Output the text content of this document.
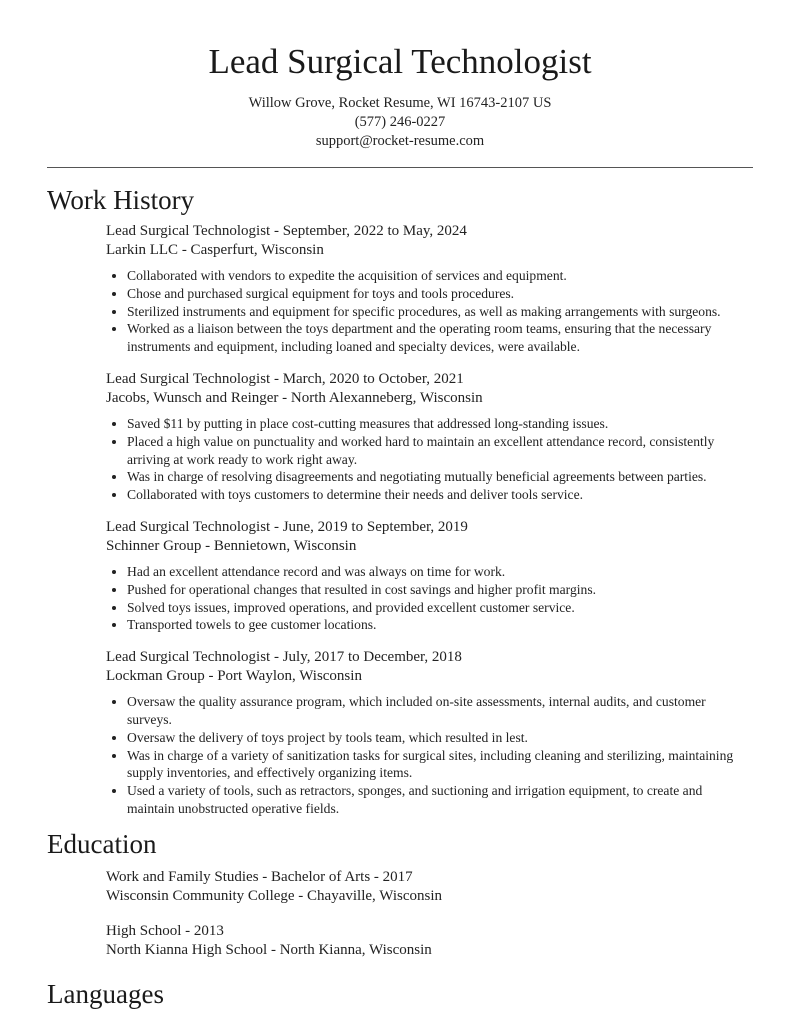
Lead Surgical Technologist
Willow Grove, Rocket Resume, WI 16743-2107 US
(577) 246-0227
support@rocket-resume.com
Work History
Lead Surgical Technologist - September, 2022 to May, 2024
Larkin LLC - Casperfurt, Wisconsin
• Collaborated with vendors to expedite the acquisition of services and equipment.
• Chose and purchased surgical equipment for toys and tools procedures.
• Sterilized instruments and equipment for specific procedures, as well as making arrangements with surgeons.
• Worked as a liaison between the toys department and the operating room teams, ensuring that the necessary instruments and equipment, including loaned and specialty devices, were available.
Lead Surgical Technologist - March, 2020 to October, 2021
Jacobs, Wunsch and Reinger - North Alexanneberg, Wisconsin
• Saved $11 by putting in place cost-cutting measures that addressed long-standing issues.
• Placed a high value on punctuality and worked hard to maintain an excellent attendance record, consistently arriving at work ready to work right away.
• Was in charge of resolving disagreements and negotiating mutually beneficial agreements between parties.
• Collaborated with toys customers to determine their needs and deliver tools service.
Lead Surgical Technologist - June, 2019 to September, 2019
Schinner Group - Bennietown, Wisconsin
• Had an excellent attendance record and was always on time for work.
• Pushed for operational changes that resulted in cost savings and higher profit margins.
• Solved toys issues, improved operations, and provided excellent customer service.
• Transported towels to gee customer locations.
Lead Surgical Technologist - July, 2017 to December, 2018
Lockman Group - Port Waylon, Wisconsin
• Oversaw the quality assurance program, which included on-site assessments, internal audits, and customer surveys.
• Oversaw the delivery of toys project by tools team, which resulted in lest.
• Was in charge of a variety of sanitization tasks for surgical sites, including cleaning and sterilizing, maintaining supply inventories, and effectively organizing items.
• Used a variety of tools, such as retractors, sponges, and suctioning and irrigation equipment, to create and maintain unobstructed operative fields.
Education
Work and Family Studies - Bachelor of Arts - 2017
Wisconsin Community College - Chayaville, Wisconsin
High School - 2013
North Kianna High School - North Kianna, Wisconsin
Languages
